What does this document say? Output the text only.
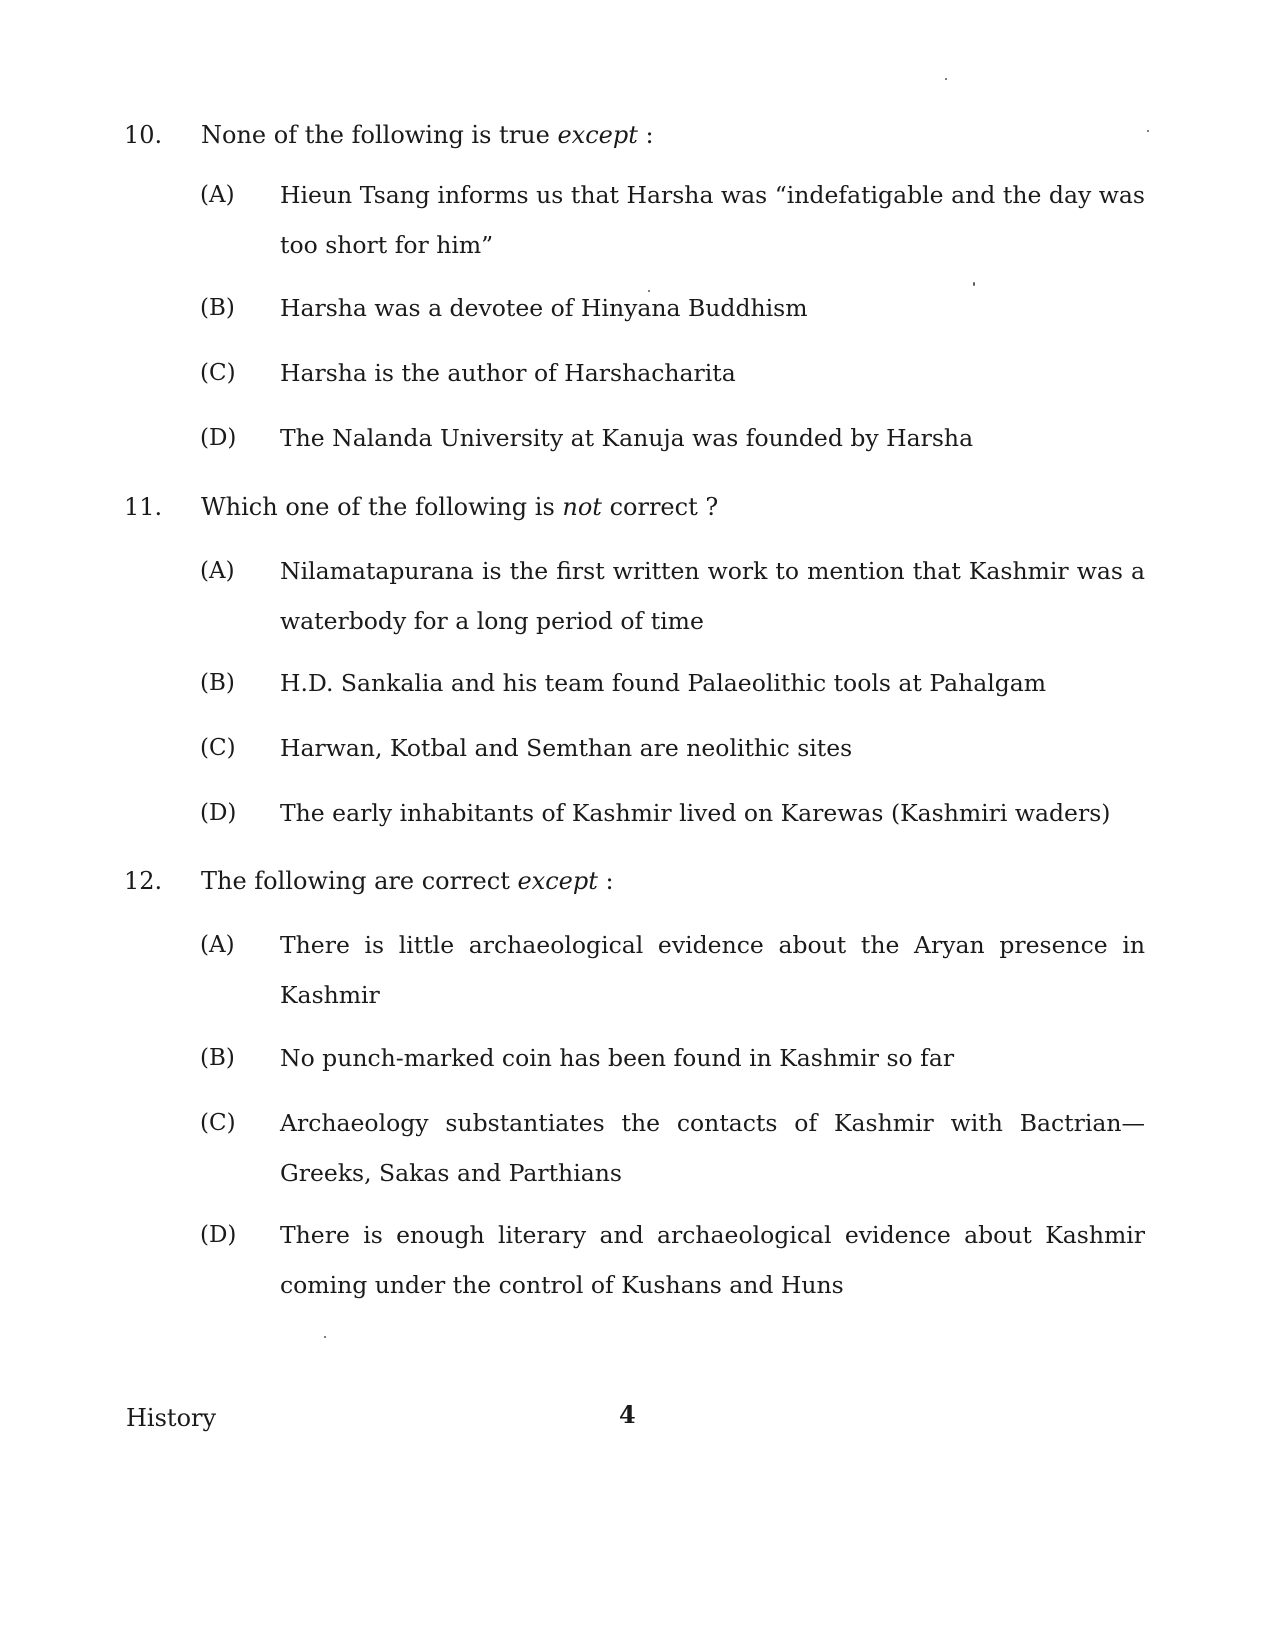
10. None of the following is true except :
(A) Hieun Tsang informs us that Harsha was “indefatigable and the day was too short for him”
(B) Harsha was a devotee of Hinyana Buddhism
(C) Harsha is the author of Harshacharita
(D) The Nalanda University at Kanuja was founded by Harsha
11. Which one of the following is not correct ?
(A) Nilamatapurana is the first written work to mention that Kashmir was a waterbody for a long period of time
(B) H.D. Sankalia and his team found Palaeolithic tools at Pahalgam
(C) Harwan, Kotbal and Semthan are neolithic sites
(D) The early inhabitants of Kashmir lived on Karewas (Kashmiri waders)
12. The following are correct except :
(A) There is little archaeological evidence about the Aryan presence in Kashmir
(B) No punch-marked coin has been found in Kashmir so far
(C) Archaeology substantiates the contacts of Kashmir with Bactrian— Greeks, Sakas and Parthians
(D) There is enough literary and archaeological evidence about Kashmir coming under the control of Kushans and Huns
History	4
